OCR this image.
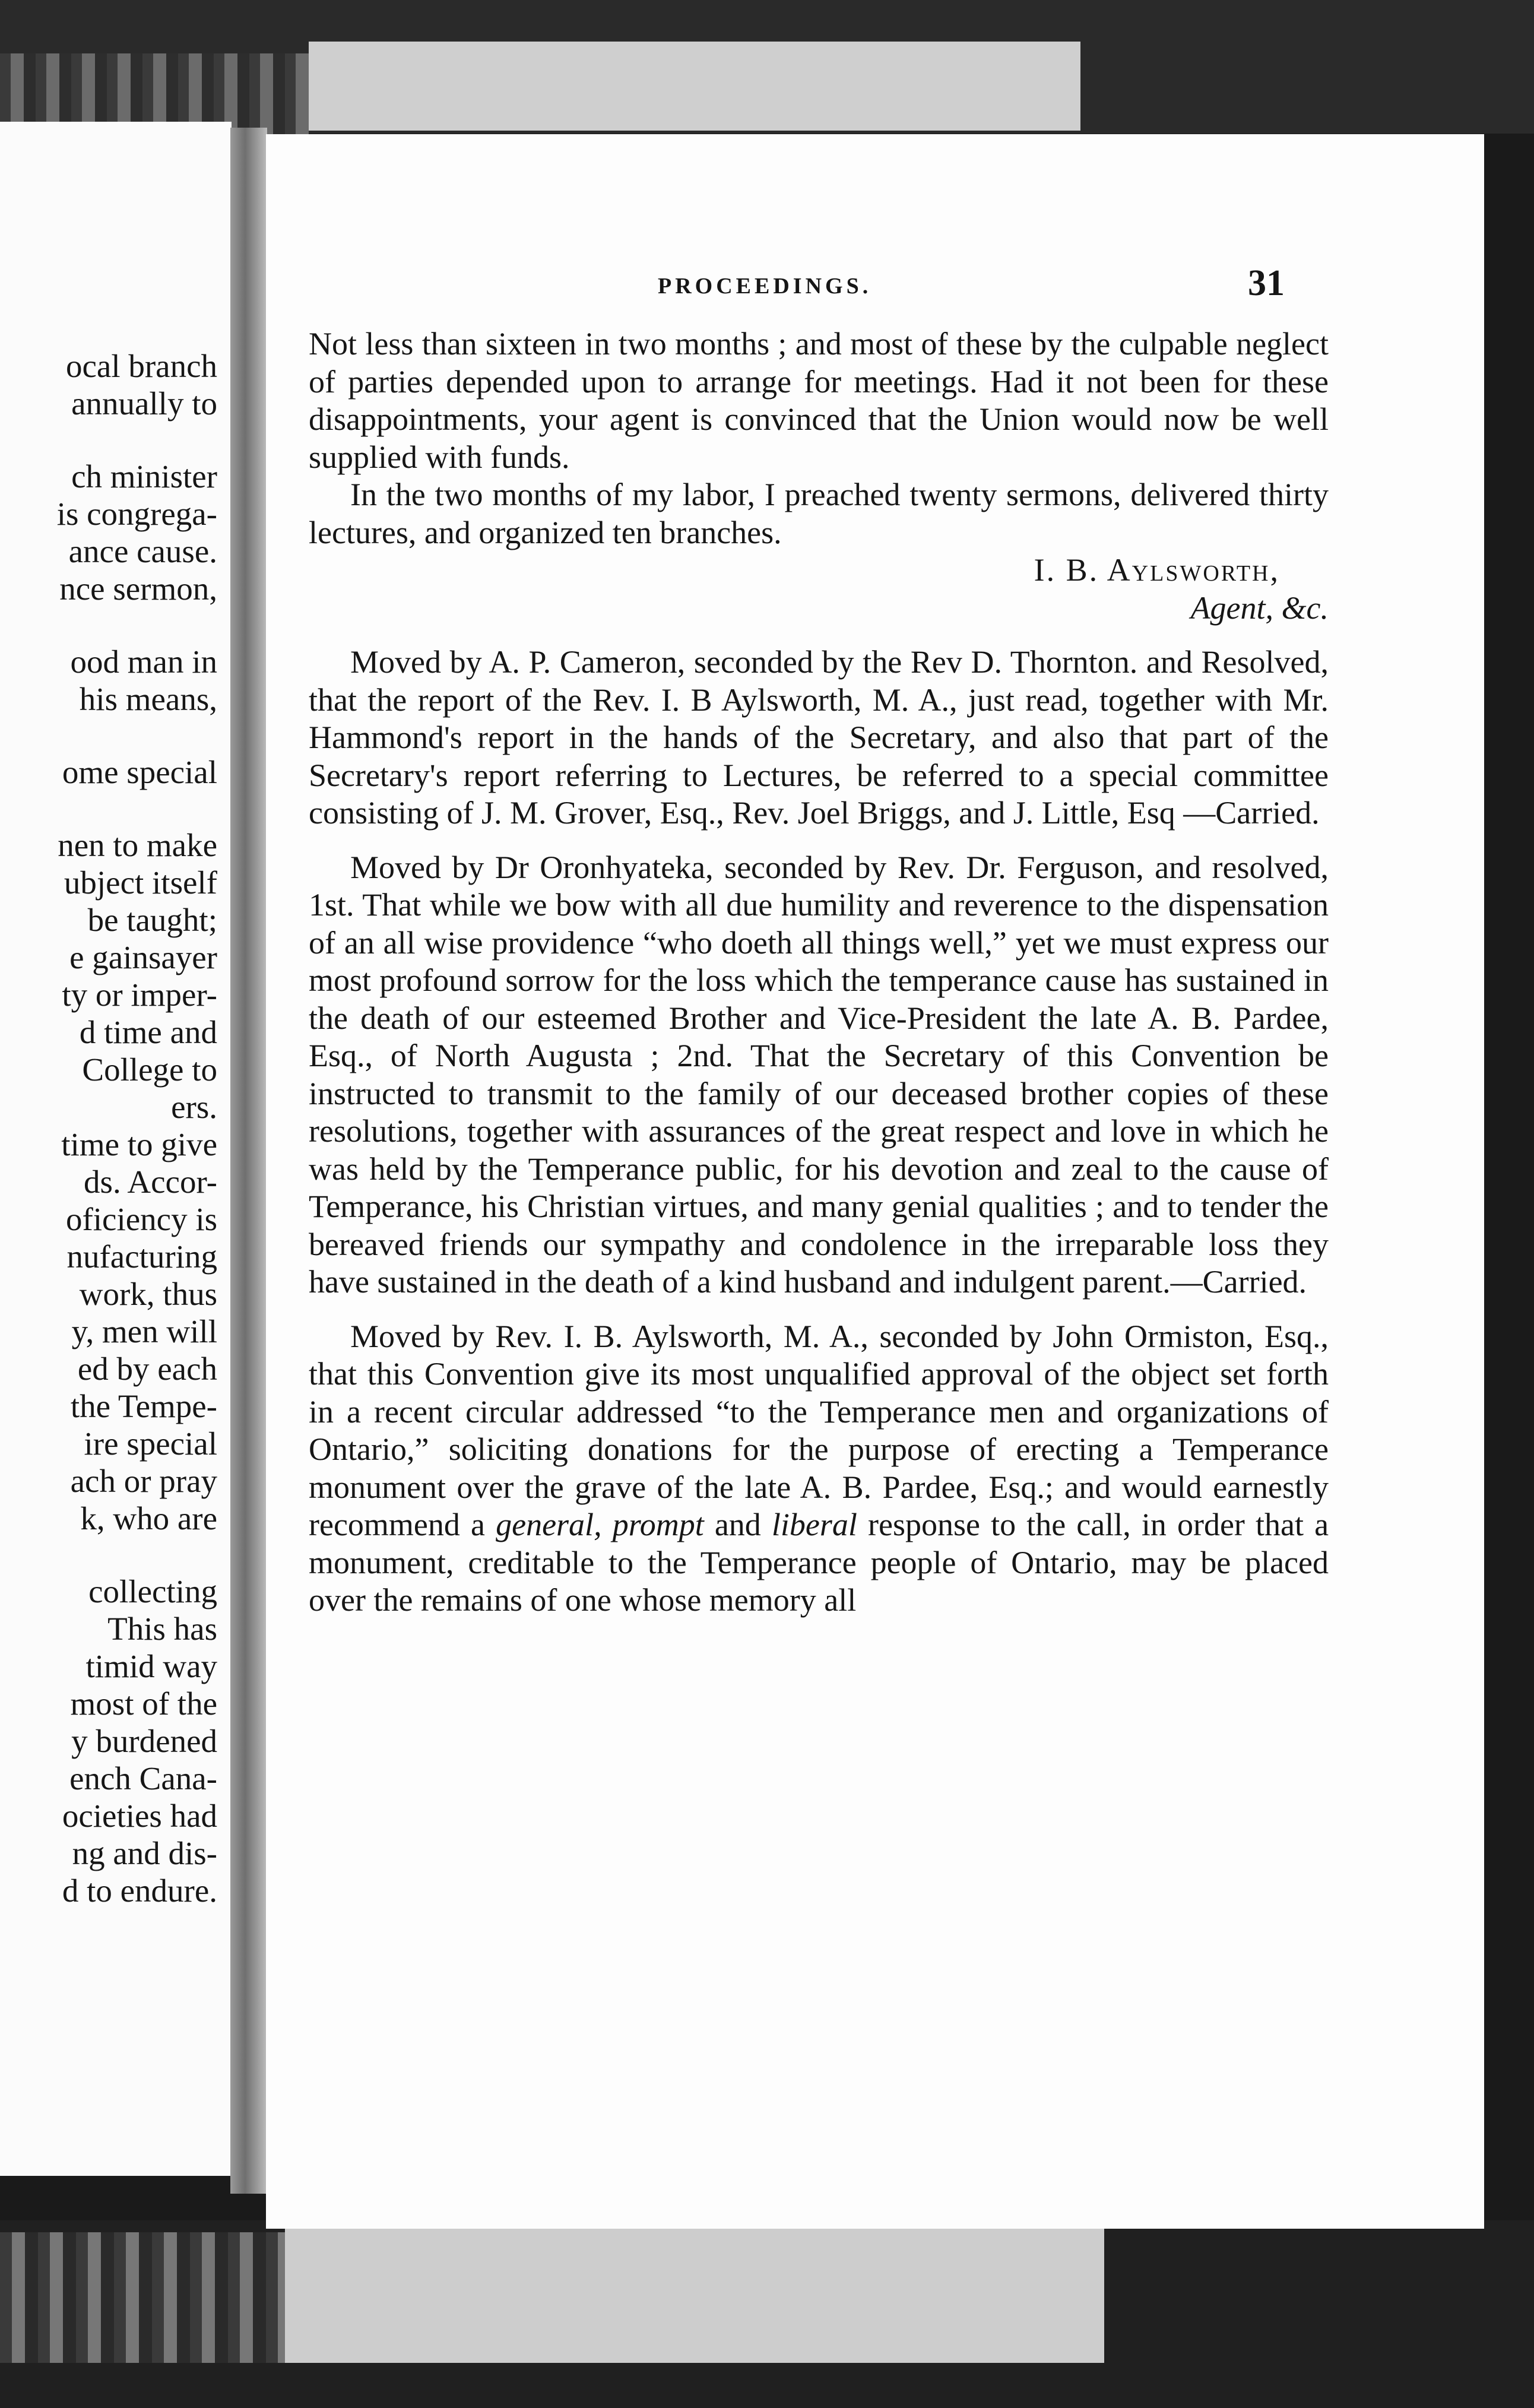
ocal branch
annually to
ch minister
is congrega-
ance cause.
nce sermon,
ood man in
his means,
ome special
nen to make
ubject itself
be taught;
e gainsayer
ty or imper-
d time and
College to
ers.
time to give
ds. Accor-
oficiency is
nufacturing
work, thus
y, men will
ed by each
the Tempe-
ire special
ach or pray
k, who are
collecting
This has
timid way
most of the
y burdened
ench Cana-
ocieties had
ng and dis-
d to endure.
PROCEEDINGS.	31

Not less than sixteen in two months ; and most of these by the culpable neglect of parties depended upon to arrange for meetings. Had it not been for these disappointments, your agent is convinced that the Union would now be well supplied with funds.

In the two months of my labor, I preached twenty sermons, delivered thirty lectures, and organized ten branches.

I. B. Aylsworth,
Agent, &c.

Moved by A. P. Cameron, seconded by the Rev D. Thornton. and Resolved, that the report of the Rev. I. B Aylsworth, M. A., just read, together with Mr. Hammond's report in the hands of the Secretary, and also that part of the Secretary's report referring to Lectures, be referred to a special committee consisting of J. M. Grover, Esq., Rev. Joel Briggs, and J. Little, Esq —Carried.

Moved by Dr Oronhyateka, seconded by Rev. Dr. Ferguson, and resolved, 1st. That while we bow with all due humility and reverence to the dispensation of an all wise providence “who doeth all things well,” yet we must express our most profound sorrow for the loss which the temperance cause has sustained in the death of our esteemed Brother and Vice-President the late A. B. Pardee, Esq., of North Augusta ; 2nd. That the Secretary of this Convention be instructed to transmit to the family of our deceased brother copies of these resolutions, together with assurances of the great respect and love in which he was held by the Temperance public, for his devotion and zeal to the cause of Temperance, his Christian virtues, and many genial qualities ; and to tender the bereaved friends our sympathy and condolence in the irreparable loss they have sustained in the death of a kind husband and indulgent parent.—Carried.

Moved by Rev. I. B. Aylsworth, M. A., seconded by John Ormiston, Esq., that this Convention give its most unqualified approval of the object set forth in a recent circular addressed “to the Temperance men and organizations of Ontario,” soliciting donations for the purpose of erecting a Temperance monument over the grave of the late A. B. Pardee, Esq.; and would earnestly recommend a general, prompt and liberal response to the call, in order that a monument, creditable to the Temperance people of Ontario, may be placed over the remains of one whose memory all
